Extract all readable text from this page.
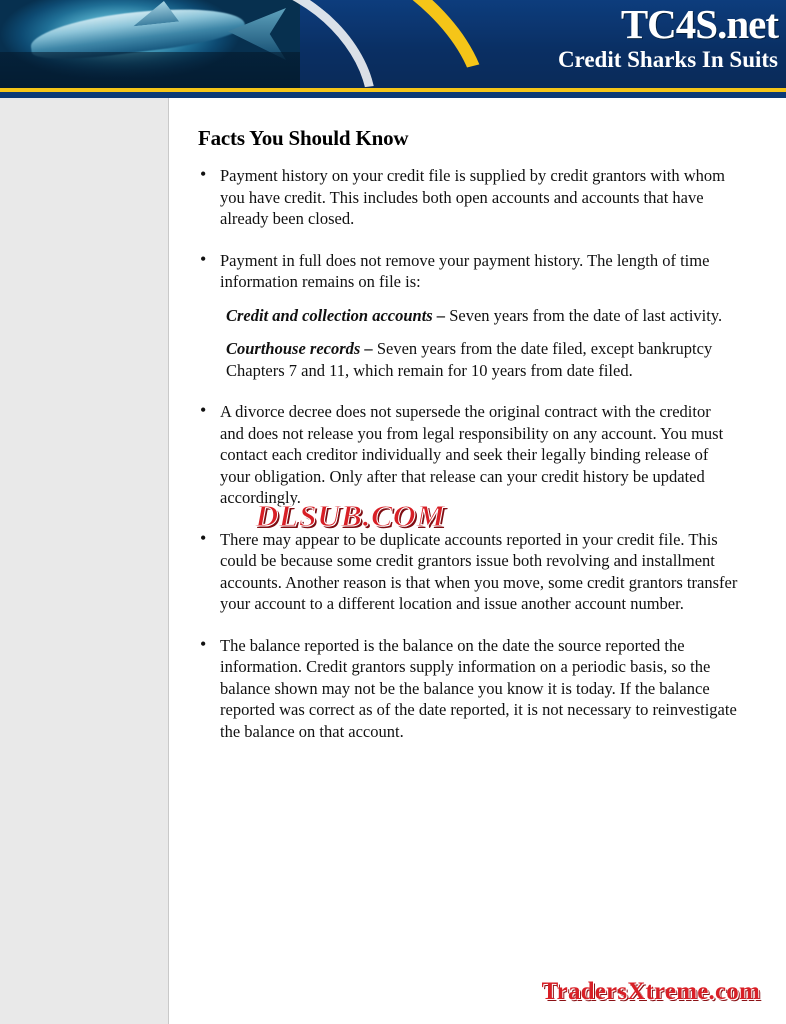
TC4S.net
Credit Sharks In Suits
Facts You Should Know
• Payment history on your credit file is supplied by credit grantors with whom you have credit. This includes both open accounts and accounts that have already been closed.
• Payment in full does not remove your payment history. The length of time information remains on file is:
Credit and collection accounts – Seven years from the date of last activity.
Courthouse records – Seven years from the date filed, except bankruptcy Chapters 7 and 11, which remain for 10 years from date filed.
• A divorce decree does not supersede the original contract with the creditor and does not release you from legal responsibility on any account. You must contact each creditor individually and seek their legally binding release of your obligation. Only after that release can your credit history be updated accordingly.
• There may appear to be duplicate accounts reported in your credit file. This could be because some credit grantors issue both revolving and installment accounts. Another reason is that when you move, some credit grantors transfer your account to a different location and issue another account number.
• The balance reported is the balance on the date the source reported the information. Credit grantors supply information on a periodic basis, so the balance shown may not be the balance you know it is today. If the balance reported was correct as of the date reported, it is not necessary to reinvestigate the balance on that account.
TradersXtreme.com
DLSUB.COM
